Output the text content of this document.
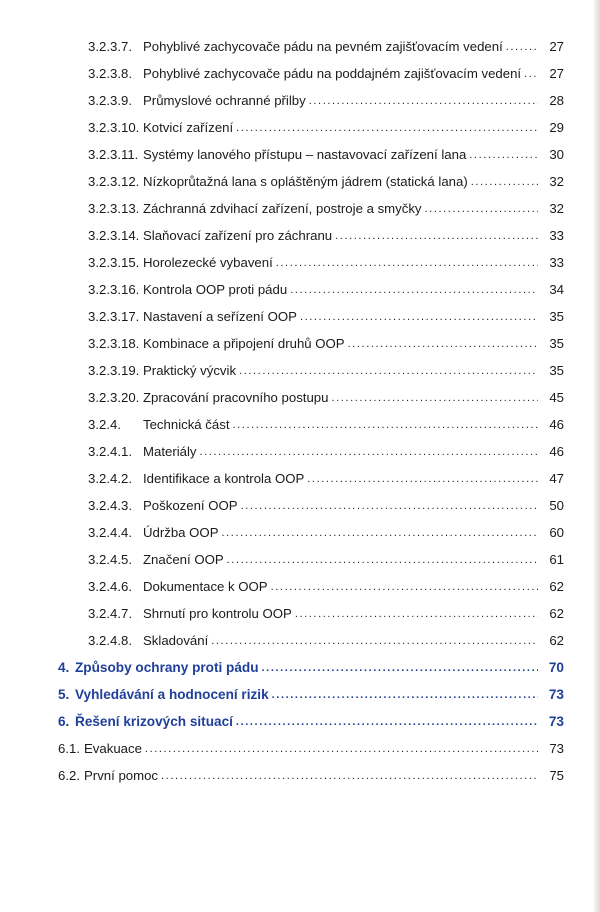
3.2.3.7. Pohyblivé zachycovače pádu na pevném zajišťovacím vedení .....	27
3.2.3.8. Pohyblivé zachycovače pádu na poddajném zajišťovacím vedení .....	27
3.2.3.9. Průmyslové ochranné přilby .....	28
3.2.3.10. Kotvicí zařízení .....	29
3.2.3.11. Systémy lanového přístupu – nastavovací zařízení lana .....	30
3.2.3.12. Nízkoprůtažná lana s opláštěným jádrem (statická lana) .....	32
3.2.3.13. Záchranná zdvihací zařízení, postroje a smyčky .....	32
3.2.3.14. Slaňovací zařízení pro záchranu .....	33
3.2.3.15. Horolezecké vybavení .....	33
3.2.3.16. Kontrola OOP proti pádu .....	34
3.2.3.17. Nastavení a seřízení OOP .....	35
3.2.3.18. Kombinace a připojení druhů OOP .....	35
3.2.3.19. Praktický výcvik .....	35
3.2.3.20. Zpracování pracovního postupu .....	45
3.2.4.	Technická část .....	46
3.2.4.1. Materiály .....	46
3.2.4.2. Identifikace a kontrola OOP .....	47
3.2.4.3. Poškození OOP .....	50
3.2.4.4. Údržba OOP .....	60
3.2.4.5. Značení OOP .....	61
3.2.4.6. Dokumentace k OOP .....	62
3.2.4.7. Shrnutí pro kontrolu OOP .....	62
3.2.4.8. Skladování .....	62
4. Způsoby ochrany proti pádu .....	70
5. Vyhledávání a hodnocení rizik .....	73
6. Řešení krizových situací .....	73
6.1. Evakuace .....	73
6.2. První pomoc .....	75
